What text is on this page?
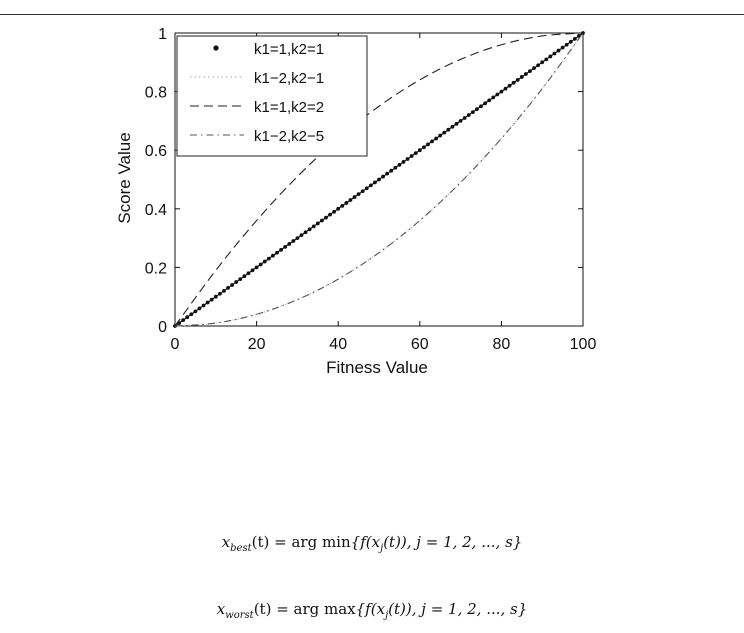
0	20	40	60	80	100
0
0.2
0.4
0.6
0.8
1
Fitness Value
Score Value
k1=1,k2=1
k1−2,k2−1
k1=1,k2=2
k1−2,k2−5
$x_{best}(t)$ = arg $\min\{f(x_j(t))$, j = 1, 2, ..., s}
$x_{worst}(t)$ = arg $\max\{f(x_j(t))$, j = 1, 2, ..., s}
